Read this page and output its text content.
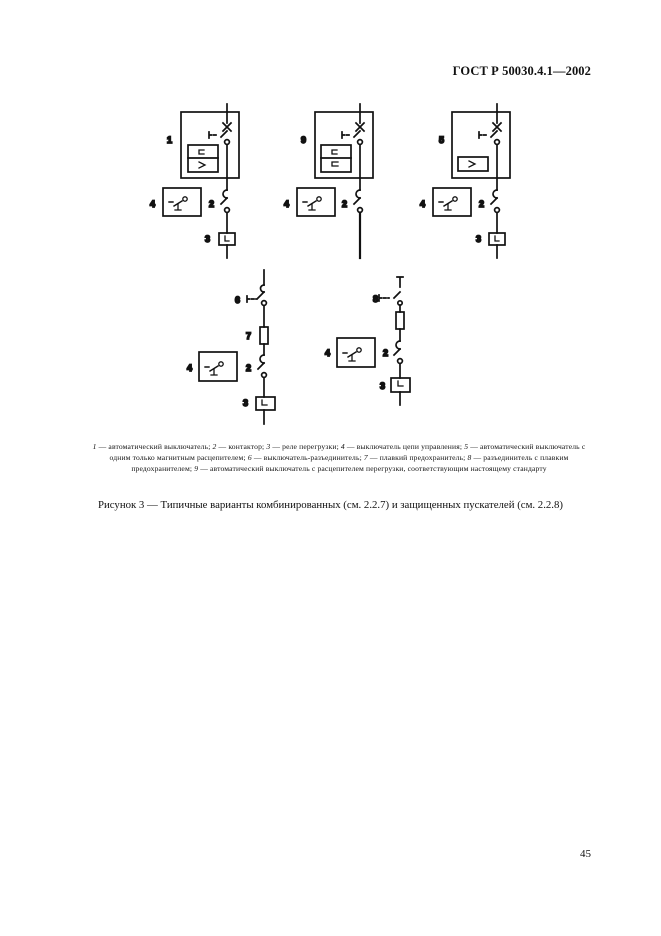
ГОСТ Р 50030.4.1—2002
1
4	2
3
9
4	2
5
4	2
3
6
7
4	2
3
8
4	2
3
1 — автоматический выключатель; 2 — контактор; 3 — реле перегрузки; 4 — выключатель цепи управления; 5 — автоматический выключатель с одним только магнитным расцепителем; 6 — выключатель-разъединитель; 7 — плавкий предохранитель; 8 — разъединитель с плавким предохранителем; 9 — автоматический выключатель с расцепителем перегрузки, соответствующим настоящему стандарту
Рисунок 3 — Типичные варианты комбинированных (см. 2.2.7) и защищенных пускателей (см. 2.2.8)
45
